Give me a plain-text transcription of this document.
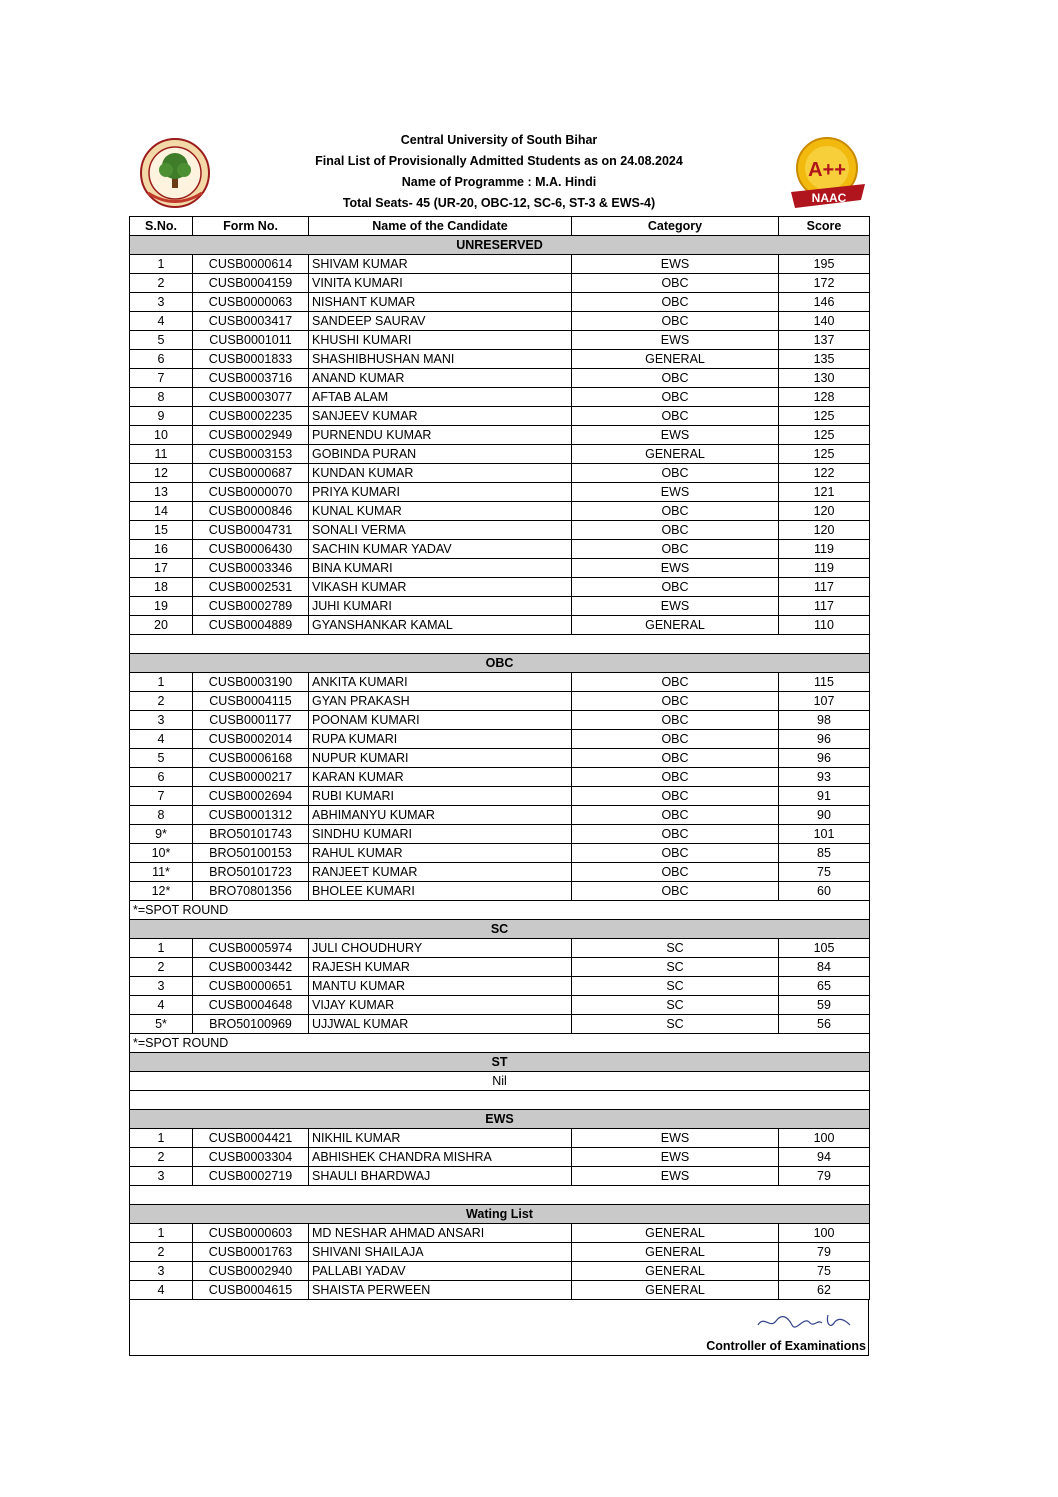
Central University of South Bihar
Final List of Provisionally Admitted Students as on 24.08.2024
Name of Programme : M.A. Hindi
Total Seats- 45 (UR-20, OBC-12, SC-6, ST-3 & EWS-4)
A++
NAAC
S.No.	Form No.	Name of the Candidate	Category	Score
UNRESERVED				
1	CUSB0000614	SHIVAM KUMAR	EWS	195
2	CUSB0004159	VINITA KUMARI	OBC	172
3	CUSB0000063	NISHANT KUMAR	OBC	146
4	CUSB0003417	SANDEEP SAURAV	OBC	140
5	CUSB0001011	KHUSHI KUMARI	EWS	137
6	CUSB0001833	SHASHIBHUSHAN MANI	GENERAL	135
7	CUSB0003716	ANAND KUMAR	OBC	130
8	CUSB0003077	AFTAB ALAM	OBC	128
9	CUSB0002235	SANJEEV KUMAR	OBC	125
10	CUSB0002949	PURNENDU KUMAR	EWS	125
11	CUSB0003153	GOBINDA PURAN	GENERAL	125
12	CUSB0000687	KUNDAN KUMAR	OBC	122
13	CUSB0000070	PRIYA KUMARI	EWS	121
14	CUSB0000846	KUNAL KUMAR	OBC	120
15	CUSB0004731	SONALI VERMA	OBC	120
16	CUSB0006430	SACHIN KUMAR YADAV	OBC	119
17	CUSB0003346	BINA KUMARI	EWS	119
18	CUSB0002531	VIKASH KUMAR	OBC	117
19	CUSB0002789	JUHI KUMARI	EWS	117
20	CUSB0004889	GYANSHANKAR KAMAL	GENERAL	110

OBC				
1	CUSB0003190	ANKITA KUMARI	OBC	115
2	CUSB0004115	GYAN PRAKASH	OBC	107
3	CUSB0001177	POONAM KUMARI	OBC	98
4	CUSB0002014	RUPA KUMARI	OBC	96
5	CUSB0006168	NUPUR KUMARI	OBC	96
6	CUSB0000217	KARAN KUMAR	OBC	93
7	CUSB0002694	RUBI KUMARI	OBC	91
8	CUSB0001312	ABHIMANYU KUMAR	OBC	90
9*	BRO50101743	SINDHU KUMARI	OBC	101
10*	BRO50100153	RAHUL KUMAR	OBC	85
11*	BRO50101723	RANJEET KUMAR	OBC	75
12*	BRO70801356	BHOLEE KUMARI	OBC	60
*=SPOT ROUND				
SC				
1	CUSB0005974	JULI CHOUDHURY	SC	105
2	CUSB0003442	RAJESH KUMAR	SC	84
3	CUSB0000651	MANTU KUMAR	SC	65
4	CUSB0004648	VIJAY KUMAR	SC	59
5*	BRO50100969	UJJWAL KUMAR	SC	56
*=SPOT ROUND				
ST				
Nil				

EWS				
1	CUSB0004421	NIKHIL KUMAR	EWS	100
2	CUSB0003304	ABHISHEK CHANDRA MISHRA	EWS	94
3	CUSB0002719	SHAULI BHARDWAJ	EWS	79

Wating List				
1	CUSB0000603	MD NESHAR AHMAD ANSARI	GENERAL	100
2	CUSB0001763	SHIVANI SHAILAJA	GENERAL	79
3	CUSB0002940	PALLABI YADAV	GENERAL	75
4	CUSB0004615	SHAISTA PERWEEN	GENERAL	62
Controller of Examinations
